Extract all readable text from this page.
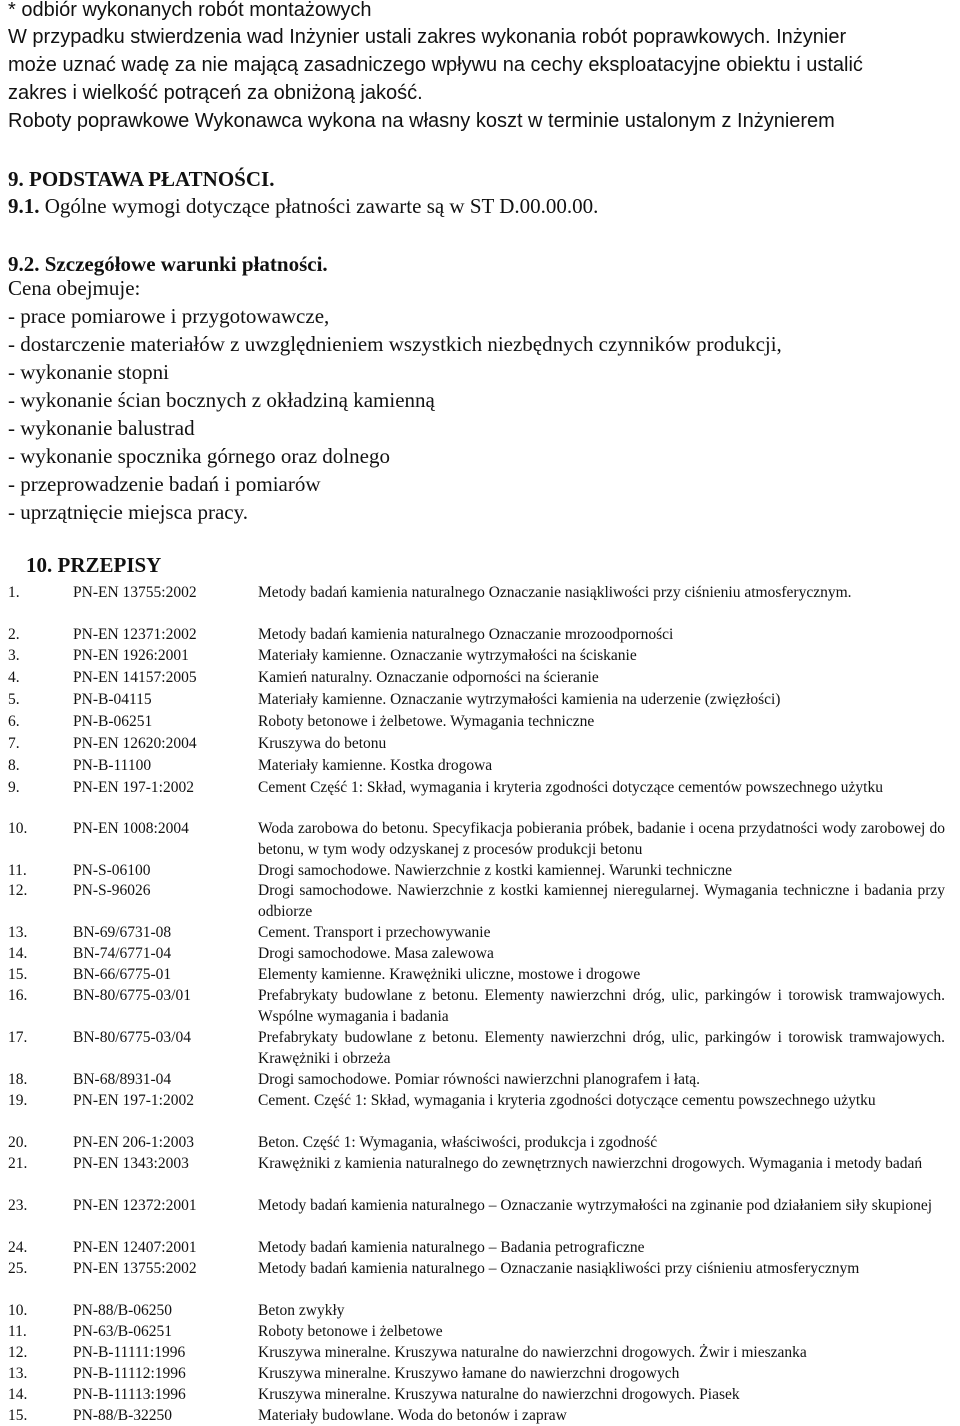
* odbiór wykonanych robót montażowych
W przypadku stwierdzenia wad Inżynier ustali zakres wykonania robót poprawkowych. Inżynier
może uznać wadę za nie mającą zasadniczego wpływu na cechy eksploatacyjne obiektu i ustalić
zakres i wielkość potrąceń za obniżoną jakość.
Roboty poprawkowe Wykonawca wykona na własny koszt w terminie ustalonym z Inżynierem
9. PODSTAWA PŁATNOŚCI.
9.1. Ogólne wymogi dotyczące płatności zawarte są w ST D.00.00.00.
9.2. Szczegółowe warunki płatności.
Cena obejmuje:
- prace pomiarowe i przygotowawcze,
- dostarczenie materiałów z uwzględnieniem wszystkich niezbędnych czynników produkcji,
- wykonanie stopni
- wykonanie ścian bocznych z okładziną kamienną
- wykonanie balustrad
- wykonanie spocznika górnego oraz dolnego
- przeprowadzenie badań i pomiarów
- uprzątnięcie miejsca pracy.
10. PRZEPISY
1.	PN-EN 13755:2002	Metody badań kamienia naturalnego Oznaczanie nasiąkliwości przy ciśnieniu atmosferycznym.
2.	PN-EN 12371:2002	Metody badań kamienia naturalnego Oznaczanie mrozoodporności
3.	PN-EN 1926:2001	Materiały kamienne. Oznaczanie wytrzymałości na ściskanie
4.	PN-EN 14157:2005	Kamień naturalny. Oznaczanie odporności na ścieranie
5.	PN-B-04115	Materiały kamienne. Oznaczanie wytrzymałości kamienia na uderzenie (zwięzłości)
6.	PN-B-06251	Roboty betonowe i żelbetowe. Wymagania techniczne
7.	PN-EN 12620:2004	Kruszywa do betonu
8.	PN-B-11100	Materiały kamienne. Kostka drogowa
9.	PN-EN 197-1:2002	Cement Część 1: Skład, wymagania i kryteria zgodności dotyczące cementów powszechnego użytku
10.	PN-EN 1008:2004	Woda zarobowa do betonu. Specyfikacja pobierania próbek, badanie i ocena przydatności wody zarobowej do betonu, w tym wody odzyskanej z procesów produkcji betonu
11.	PN-S-06100	Drogi samochodowe. Nawierzchnie z kostki kamiennej. Warunki techniczne
12.	PN-S-96026	Drogi samochodowe. Nawierzchnie z kostki kamiennej nieregularnej. Wymagania techniczne i badania przy odbiorze
13.	BN-69/6731-08	Cement. Transport i przechowywanie
14.	BN-74/6771-04	Drogi samochodowe. Masa zalewowa
15.	BN-66/6775-01	Elementy kamienne. Krawężniki uliczne, mostowe i drogowe
16.	BN-80/6775-03/01	Prefabrykaty budowlane z betonu. Elementy nawierzchni dróg, ulic, parkingów i torowisk tramwajowych. Wspólne wymagania i badania
17.	BN-80/6775-03/04	Prefabrykaty budowlane z betonu. Elementy nawierzchni dróg, ulic, parkingów i torowisk tramwajowych. Krawężniki i obrzeża
18.	BN-68/8931-04	Drogi samochodowe. Pomiar równości nawierzchni planografem i łatą.
19.	PN-EN 197-1:2002	Cement. Część 1: Skład, wymagania i kryteria zgodności dotyczące cementu powszechnego użytku
20.	PN-EN 206-1:2003	Beton. Część 1: Wymagania, właściwości, produkcja i zgodność
21.	PN-EN 1343:2003	Krawężniki z kamienia naturalnego do zewnętrznych nawierzchni drogowych. Wymagania i metody badań
23.	PN-EN 12372:2001	Metody badań kamienia naturalnego – Oznaczanie wytrzymałości na zginanie pod działaniem siły skupionej
24.	PN-EN 12407:2001	Metody badań kamienia naturalnego – Badania petrograficzne
25.	PN-EN 13755:2002	Metody badań kamienia naturalnego – Oznaczanie nasiąkliwości przy ciśnieniu atmosferycznym
10.	PN-88/B-06250	Beton zwykły
11.	PN-63/B-06251	Roboty betonowe i żelbetowe
12.	PN-B-11111:1996	Kruszywa mineralne. Kruszywa naturalne do nawierzchni drogowych. Żwir i mieszanka
13.	PN-B-11112:1996	Kruszywa mineralne. Kruszywo łamane do nawierzchni drogowych
14.	PN-B-11113:1996	Kruszywa mineralne. Kruszywa naturalne do nawierzchni drogowych. Piasek
15.	PN-88/B-32250	Materiały budowlane. Woda do betonów i zapraw
